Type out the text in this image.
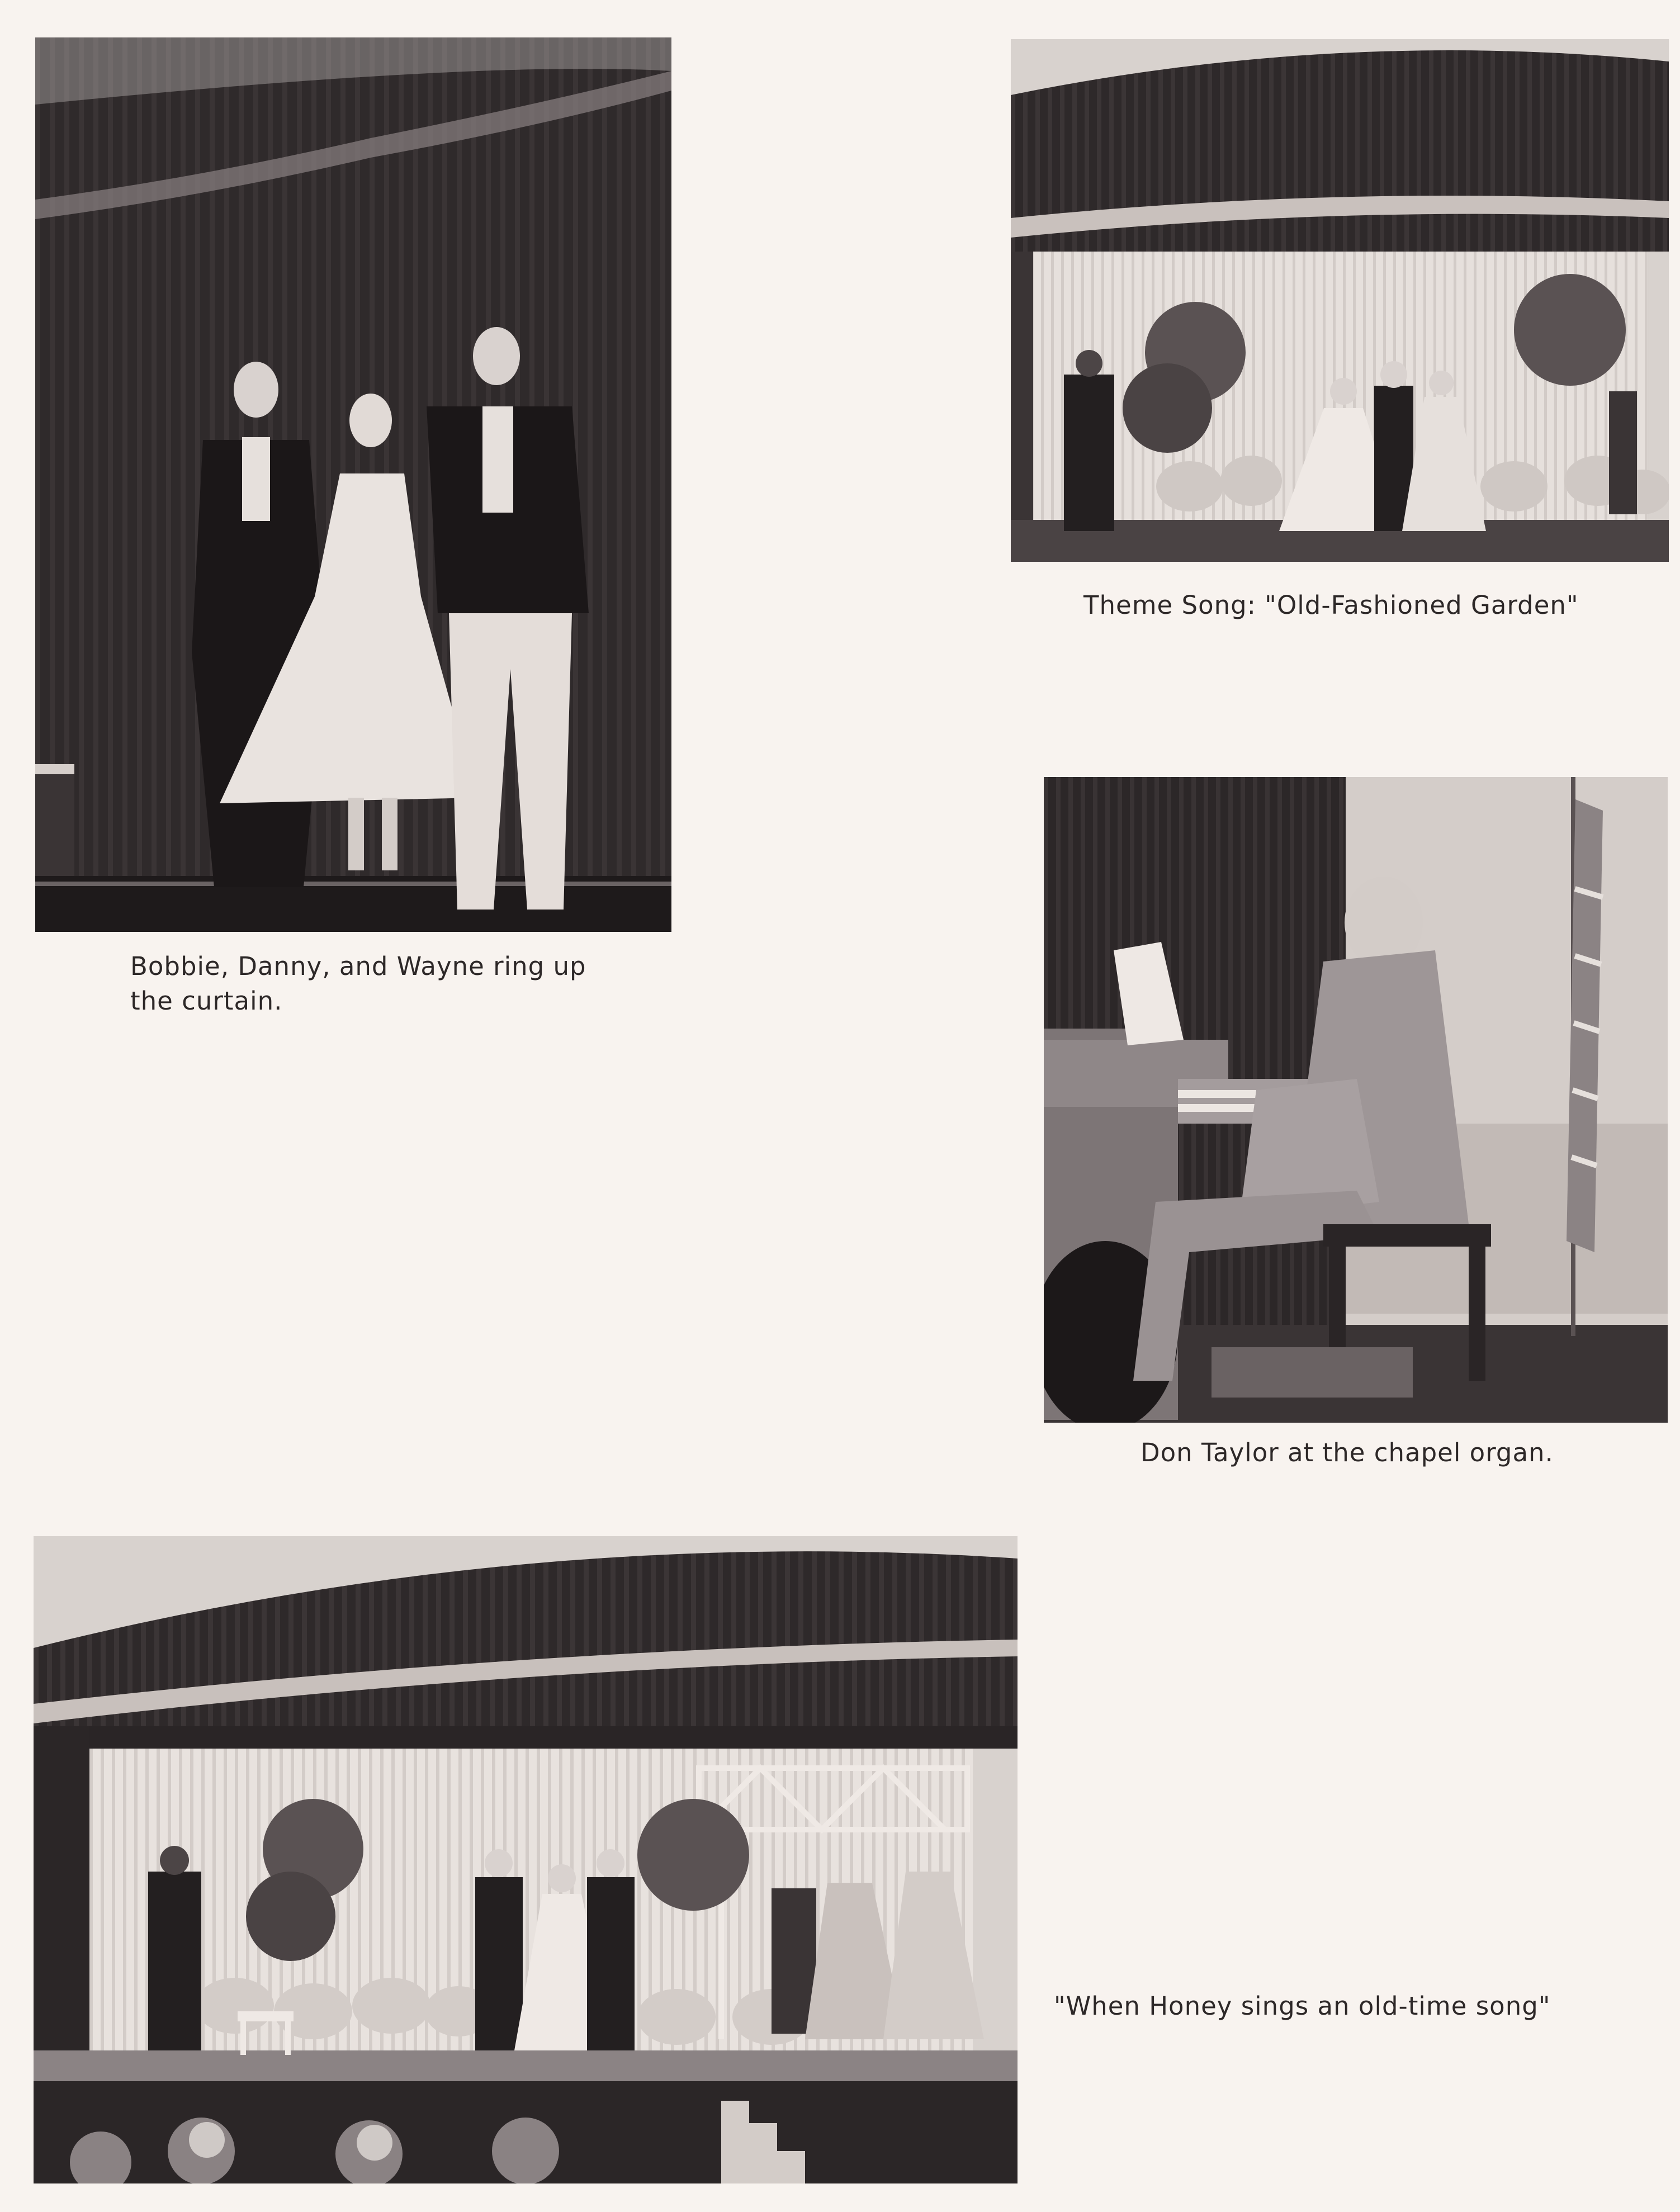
Bobbie, Danny, and Wayne ring up the curtain.

Theme Song: "Old-Fashioned Garden"

Don Taylor at the chapel organ.

"When Honey sings an old-time song"
